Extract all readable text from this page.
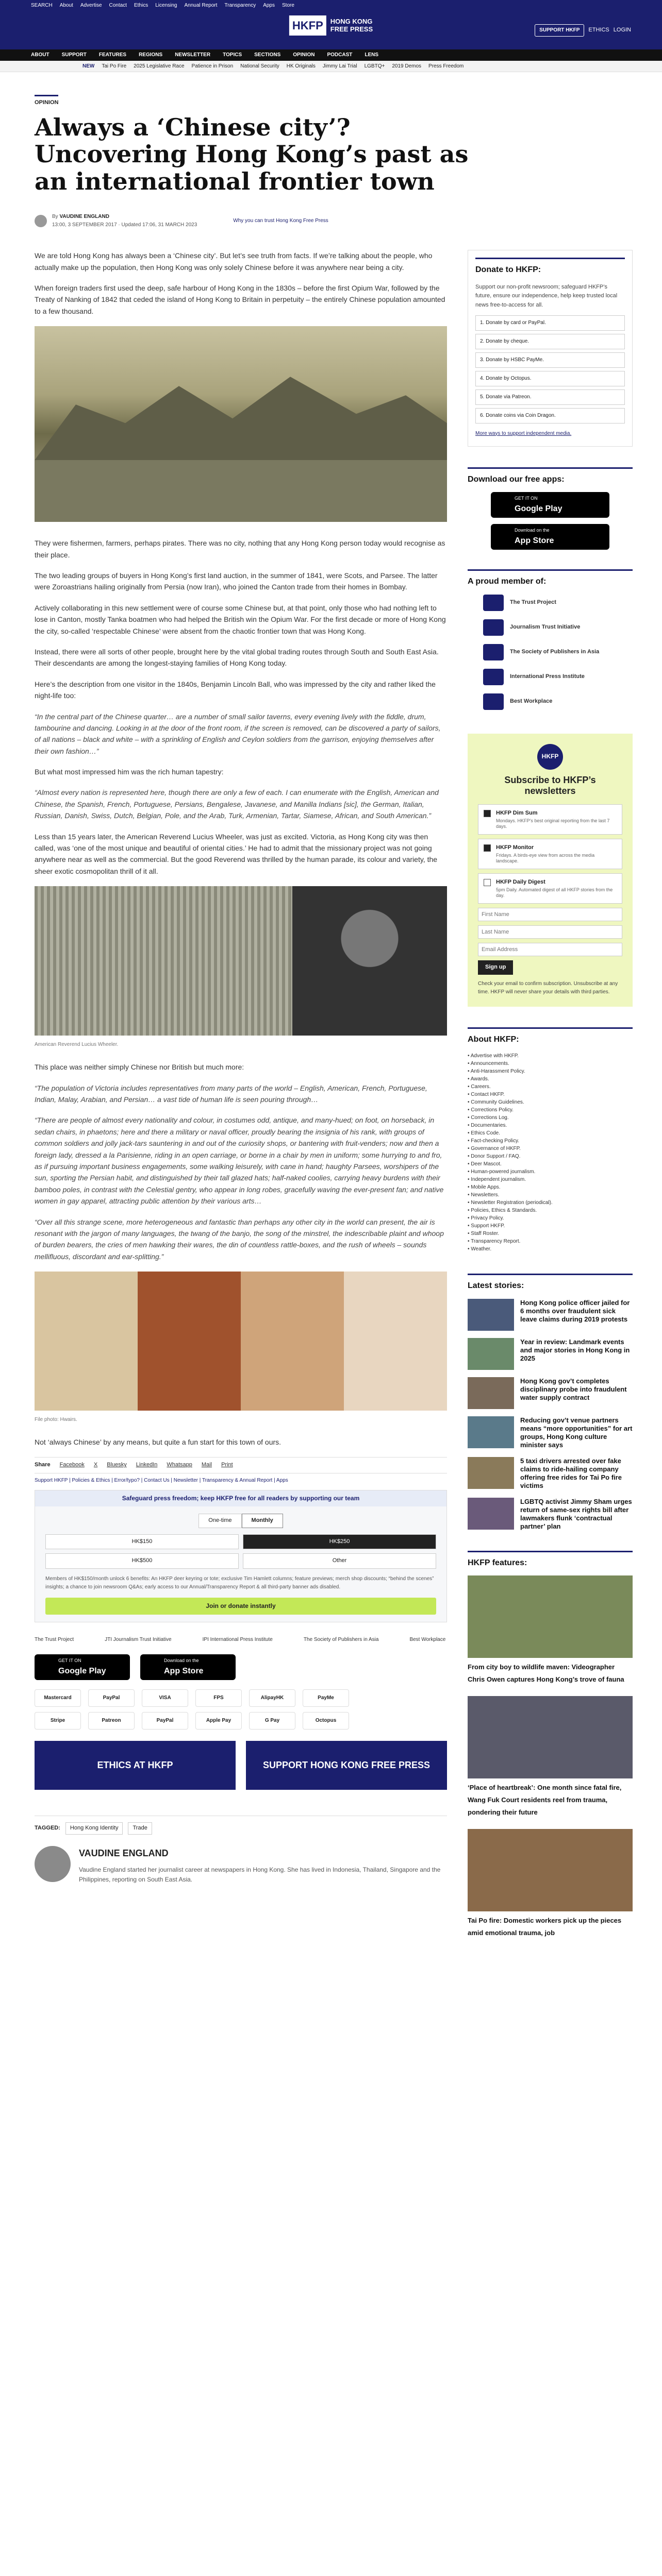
SEARCH About Advertise Contact Ethics Licensing Annual Report Transparency Apps Store
HKFP	HONG KONG
FREE PRESS	SUPPORT HKFP	ETHICS LOGIN
ABOUT SUPPORT FEATURES REGIONS NEWSLETTER TOPICS SECTIONS OPINION PODCAST LENS
NEW Tai Po Fire 2025 Legislative Race Patience in Prison National Security HK Originals Jimmy Lai Trial LGBTQ+ 2019 Demos Press Freedom
OPINION
Always a ‘Chinese city’? Uncovering Hong Kong’s past as an international frontier town
By VAUDINE ENGLAND
13:00, 3 SEPTEMBER 2017 · Updated 17:06, 31 MARCH 2023
Why you can trust Hong Kong Free Press

We are told Hong Kong has always been a ‘Chinese city’. But let’s see truth from facts. If we’re talking about the people, who actually make up the population, then Hong Kong was only solely Chinese before it was anywhere near being a city.

When foreign traders first used the deep, safe harbour of Hong Kong in the 1830s – before the first Opium War, followed by the Treaty of Nanking of 1842 that ceded the island of Hong Kong to Britain in perpetuity – the entirely Chinese population amounted to a few thousand.

They were fishermen, farmers, perhaps pirates. There was no city, nothing that any Hong Kong person today would recognise as their place.

The two leading groups of buyers in Hong Kong’s first land auction, in the summer of 1841, were Scots, and Parsee. The latter were Zoroastrians hailing originally from Persia (now Iran), who joined the Canton trade from their homes in Bombay.

Actively collaborating in this new settlement were of course some Chinese but, at that point, only those who had nothing left to lose in Canton, mostly Tanka boatmen who had helped the British win the Opium War. For the first decade or more of Hong Kong the city, so-called ‘respectable Chinese’ were absent from the chaotic frontier town that was Hong Kong.

Instead, there were all sorts of other people, brought here by the vital global trading routes through South and South East Asia. Their descendants are among the longest-staying families of Hong Kong today.

Here’s the description from one visitor in the 1840s, Benjamin Lincoln Ball, who was impressed by the city and rather liked the night-life too:

“In the central part of the Chinese quarter… are a number of small sailor taverns, every evening lively with the fiddle, drum, tambourine and dancing. Looking in at the door of the front room, if the screen is removed, can be discovered a party of sailors, of all nations – black and white – with a sprinkling of English and Ceylon soldiers from the garrison, enjoying themselves after their own fashion…”

But what most impressed him was the rich human tapestry:

“Almost every nation is represented here, though there are only a few of each. I can enumerate with the English, American and Chinese, the Spanish, French, Portuguese, Persians, Bengalese, Javanese, and Manilla Indians [sic], the German, Italian, Russian, Danish, Swiss, Dutch, Belgian, Pole, and the Arab, Turk, Armenian, Tartar, Siamese, African, and South American.”

Less than 15 years later, the American Reverend Lucius Wheeler, was just as excited. Victoria, as Hong Kong city was then called, was ‘one of the most unique and beautiful of oriental cities.’ He had to admit that the missionary project was not going anywhere near as well as the commercial. But the good Reverend was thrilled by the human parade, its colour and variety, the sheer exotic cosmopolitan thrill of it all.

American Reverend Lucius Wheeler.

This place was neither simply Chinese nor British but much more:

“The population of Victoria includes representatives from many parts of the world – English, American, French, Portuguese, Indian, Malay, Arabian, and Persian… a vast tide of human life is seen pouring through…
“There are people of almost every nationality and colour, in costumes odd, antique, and many-hued; on foot, on horseback, in sedan chairs, in phaetons; here and there a military or naval officer, proudly bearing the insignia of his rank, with groups of common soldiers and jolly jack-tars sauntering in and out of the curiosity shops, or bantering with fruit-venders; now and then a foreign lady, dressed a la Parisienne, riding in an open carriage, or borne in a chair by men in uniform; some hurrying to and fro, as if pursuing important business engagements, some walking leisurely, with cane in hand; haughty Parsees, worshipers of the sun, sporting the Persian habit, and distinguished by their tall glazed hats; half-naked coolies, carrying heavy burdens with their bamboo poles, in contrast with the Celestial gentry, who appear in long robes, gracefully waving the ever-present fan; and native women in gay apparel, attracting public attention by their various arts…
“Over all this strange scene, more heterogeneous and fantastic than perhaps any other city in the world can present, the air is resonant with the jargon of many languages, the twang of the banjo, the song of the minstrel, the indescribable plaint and whoop of burden bearers, the cries of men hawking their wares, the din of countless rattle-boxes, and the rush of wheels – sounds mellifluous, discordant and ear-splitting.”
File photo: Hwairs.

Not ‘always Chinese’ by any means, but quite a fun start for this town of ours.

Share Facebook X Bluesky LinkedIn Whatsapp Mail Print
Support HKFP | Policies & Ethics | Error/typo? | Contact Us | Newsletter | Transparency & Annual Report | Apps
Safeguard press freedom; keep HKFP free for all readers by supporting our team
One-time	Monthly
HK$150	HK$250
HK$500	Other
Members of HK$150/month unlock 6 benefits: An HKFP deer keyring or tote; exclusive Tim Hamlett columns; feature previews; merch shop discounts; “behind the scenes” insights; a chance to join newsroom Q&As; early access to our Annual/Transparency Report & all third-party banner ads disabled.
Join or donate instantly
The Trust Project	JTI Journalism Trust Initiative	IPI International Press Institute	The Society of Publishers in Asia	Best Workplace
GET IT ON
Google Play
Download on the
App Store
Mastercard	PayPal	VISA	FPS	AlipayHK	PayMe
Stripe	Patreon	PayPal	Apple Pay	G Pay	Octopus
ETHICS AT HKFP	SUPPORT HONG KONG FREE PRESS
TAGGED:	Hong Kong Identity	Trade
VAUDINE ENGLAND

Vaudine England started her journalist career at newspapers in Hong Kong. She has lived in Indonesia, Thailand, Singapore and the Philippines, reporting on South East Asia.

Donate to HKFP:

Support our non-profit newsroom; safeguard HKFP’s future, ensure our independence, help keep trusted local news free-to-access for all.

1. Donate by card or PayPal.
2. Donate by cheque.
3. Donate by HSBC PayMe.
4. Donate by Octopus.
5. Donate via Patreon.
6. Donate coins via Coin Dragon.
More ways to support independent media.
Download our free apps:
GET IT ON
Google Play
Download on the
App Store
A proud member of:
The Trust Project
Journalism Trust Initiative
The Society of Publishers in Asia
International Press Institute
Best Workplace
HKFP
Subscribe to HKFP’s newsletters
HKFP Dim Sum
Mondays. HKFP’s best original reporting from the last 7 days.
HKFP Monitor
Fridays. A birds-eye view from across the media landscape.
HKFP Daily Digest
5pm Daily. Automated digest of all HKFP stories from the day.
First Name Last Name Email Address Sign up
Check your email to confirm subscription. Unsubscribe at any time. HKFP will never share your details with third parties.
About HKFP:
• Advertise with HKFP.
• Announcements.
• Anti-Harassment Policy.
• Awards.
• Careers.
• Contact HKFP.
• Community Guidelines.
• Corrections Policy.
• Corrections Log.
• Documentaries.
• Ethics Code.
• Fact-checking Policy.
• Governance of HKFP.
• Donor Support / FAQ.
• Deer Mascot.
• Human-powered journalism.
• Independent journalism.
• Mobile Apps.
• Newsletters.
• Newsletter Registration (periodical).
• Policies, Ethics & Standards.
• Privacy Policy.
• Support HKFP.
• Staff Roster.
• Transparency Report.
• Weather.
Latest stories:
Hong Kong police officer jailed for 6 months over fraudulent sick leave claims during 2019 protests
Year in review: Landmark events and major stories in Hong Kong in 2025
Hong Kong gov’t completes disciplinary probe into fraudulent water supply contract
Reducing gov’t venue partners means “more opportunities” for art groups, Hong Kong culture minister says
5 taxi drivers arrested over fake claims to ride-hailing company offering free rides for Tai Po fire victims
LGBTQ activist Jimmy Sham urges return of same-sex rights bill after lawmakers flunk ‘contractual partner’ plan
HKFP features:
From city boy to wildlife maven: Videographer Chris Owen captures Hong Kong’s trove of fauna
‘Place of heartbreak’: One month since fatal fire, Wang Fuk Court residents reel from trauma, pondering their future
Tai Po fire: Domestic workers pick up the pieces amid emotional trauma, job
